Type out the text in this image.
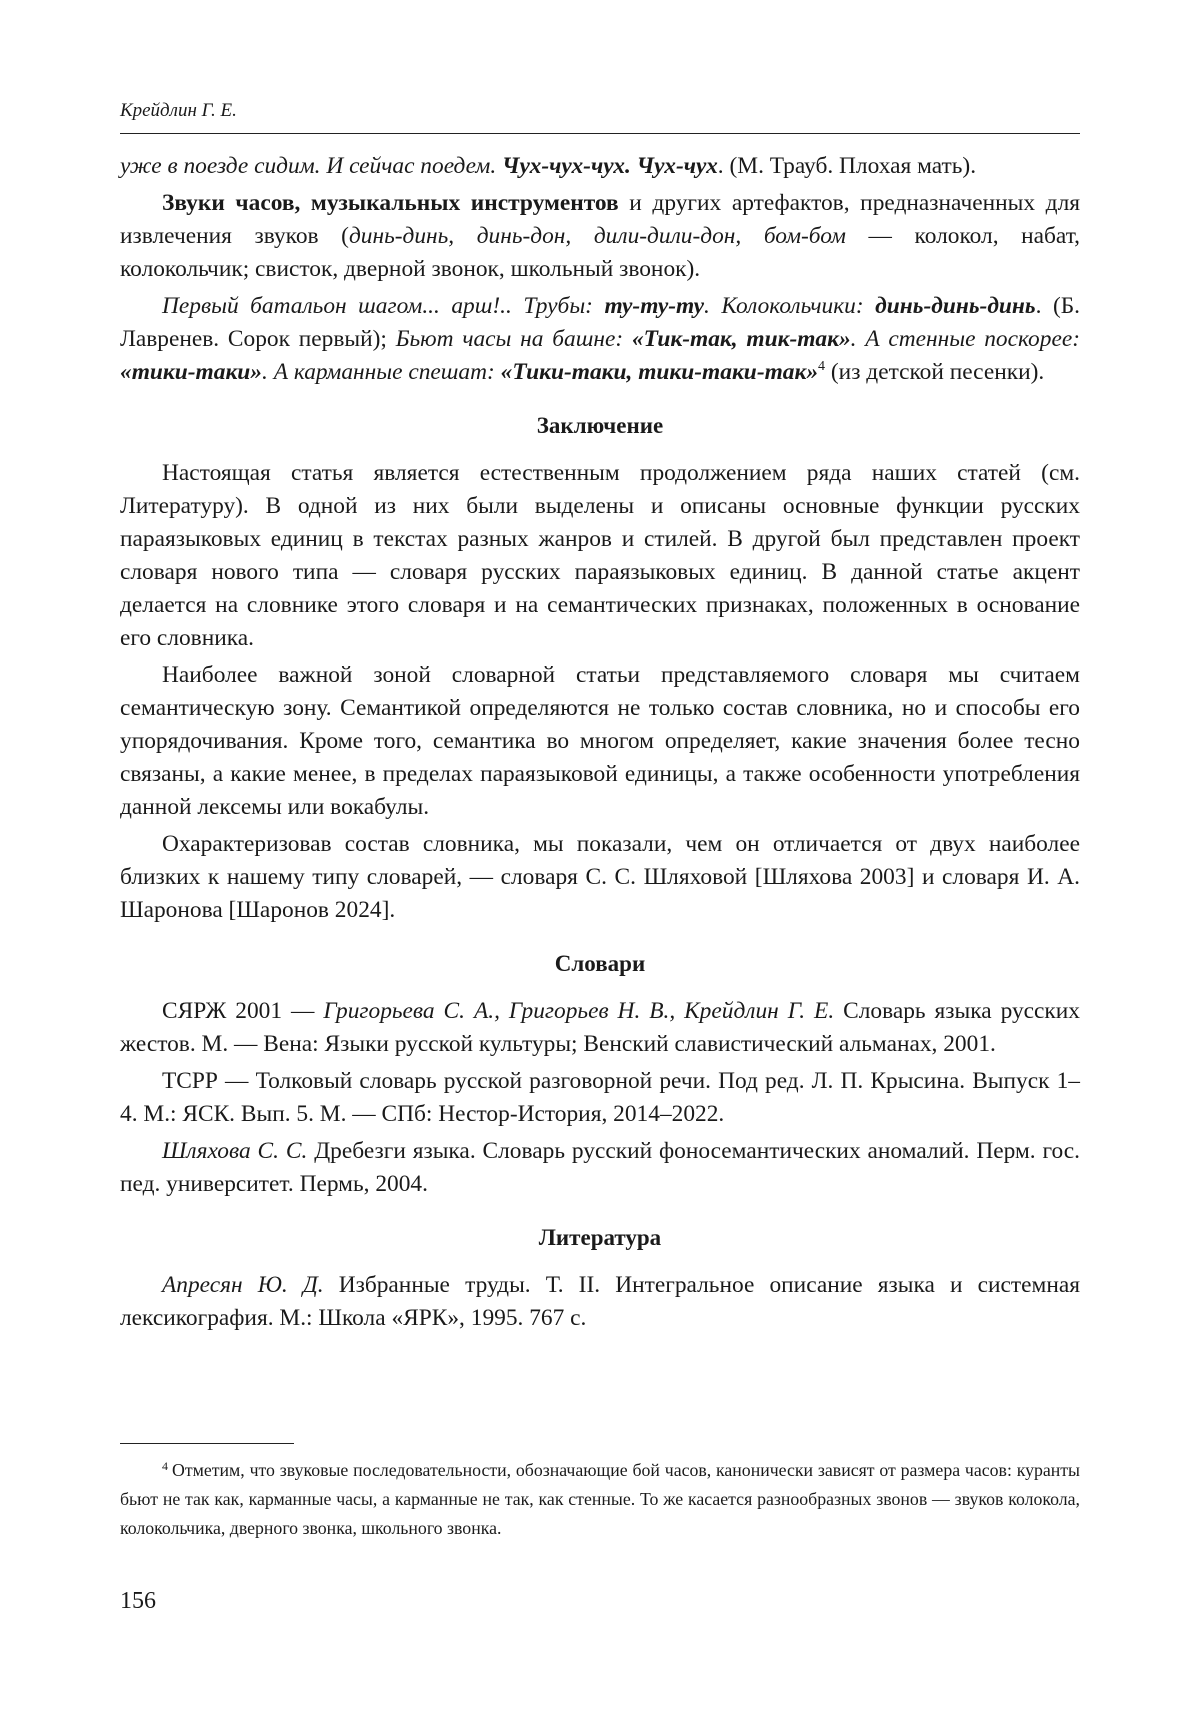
Крейдлин Г. Е.

уже в поезде сидим. И сейчас поедем. Чух-чух-чух. Чух-чух. (М. Трауб. Плохая мать).

Звуки часов, музыкальных инструментов и других артефактов, предназначенных для извлечения звуков (динь-динь, динь-дон, дили-дили-дон, бом-бом — колокол, набат, колокольчик; свисток, дверной звонок, школьный звонок).

Первый батальон шагом... арш!.. Трубы: ту-ту-ту. Колокольчики: динь-динь-динь. (Б. Лавренев. Сорок первый); Бьют часы на башне: «Тик-так, тик-так». А стенные поскорее: «тики-таки». А карманные спешат: «Тики-таки, тики-таки-так»$^4$ (из детской песенки).

Заключение

Настоящая статья является естественным продолжением ряда наших статей (см. Литературу). В одной из них были выделены и описаны основные функции русских параязыковых единиц в текстах разных жанров и стилей. В другой был представлен проект словаря нового типа — словаря русских параязыковых единиц. В данной статье акцент делается на словнике этого словаря и на семантических признаках, положенных в основание его словника.

Наиболее важной зоной словарной статьи представляемого словаря мы считаем семантическую зону. Семантикой определяются не только состав словника, но и способы его упорядочивания. Кроме того, семантика во многом определяет, какие значения более тесно связаны, а какие менее, в пределах параязыковой единицы, а также особенности употребления данной лексемы или вокабулы.

Охарактеризовав состав словника, мы показали, чем он отличается от двух наиболее близких к нашему типу словарей, — словаря С. С. Шляховой [Шляхова 2003] и словаря И. А. Шаронова [Шаронов 2024].

Словари

СЯРЖ 2001 — Григорьева С. А., Григорьев Н. В., Крейдлин Г. Е. Словарь языка русских жестов. М. — Вена: Языки русской культуры; Венский славистический альманах, 2001.

ТСРР — Толковый словарь русской разговорной речи. Под ред. Л. П. Крысина. Выпуск 1–4. М.: ЯСК. Вып. 5. М. — СПб: Нестор-История, 2014–2022.

Шляхова С. С. Дребезги языка. Словарь русский фоносемантических аномалий. Перм. гос. пед. университет. Пермь, 2004.

Литература

Апресян Ю. Д. Избранные труды. Т. II. Интегральное описание языка и системная лексикография. М.: Школа «ЯРК», 1995. 767 с.

$^4$ Отметим, что звуковые последовательности, обозначающие бой часов, канонически зависят от размера часов: куранты бьют не так как, карманные часы, а карманные не так, как стенные. То же касается разнообразных звонов — звуков колокола, колокольчика, дверного звонка, школьного звонка.
156
